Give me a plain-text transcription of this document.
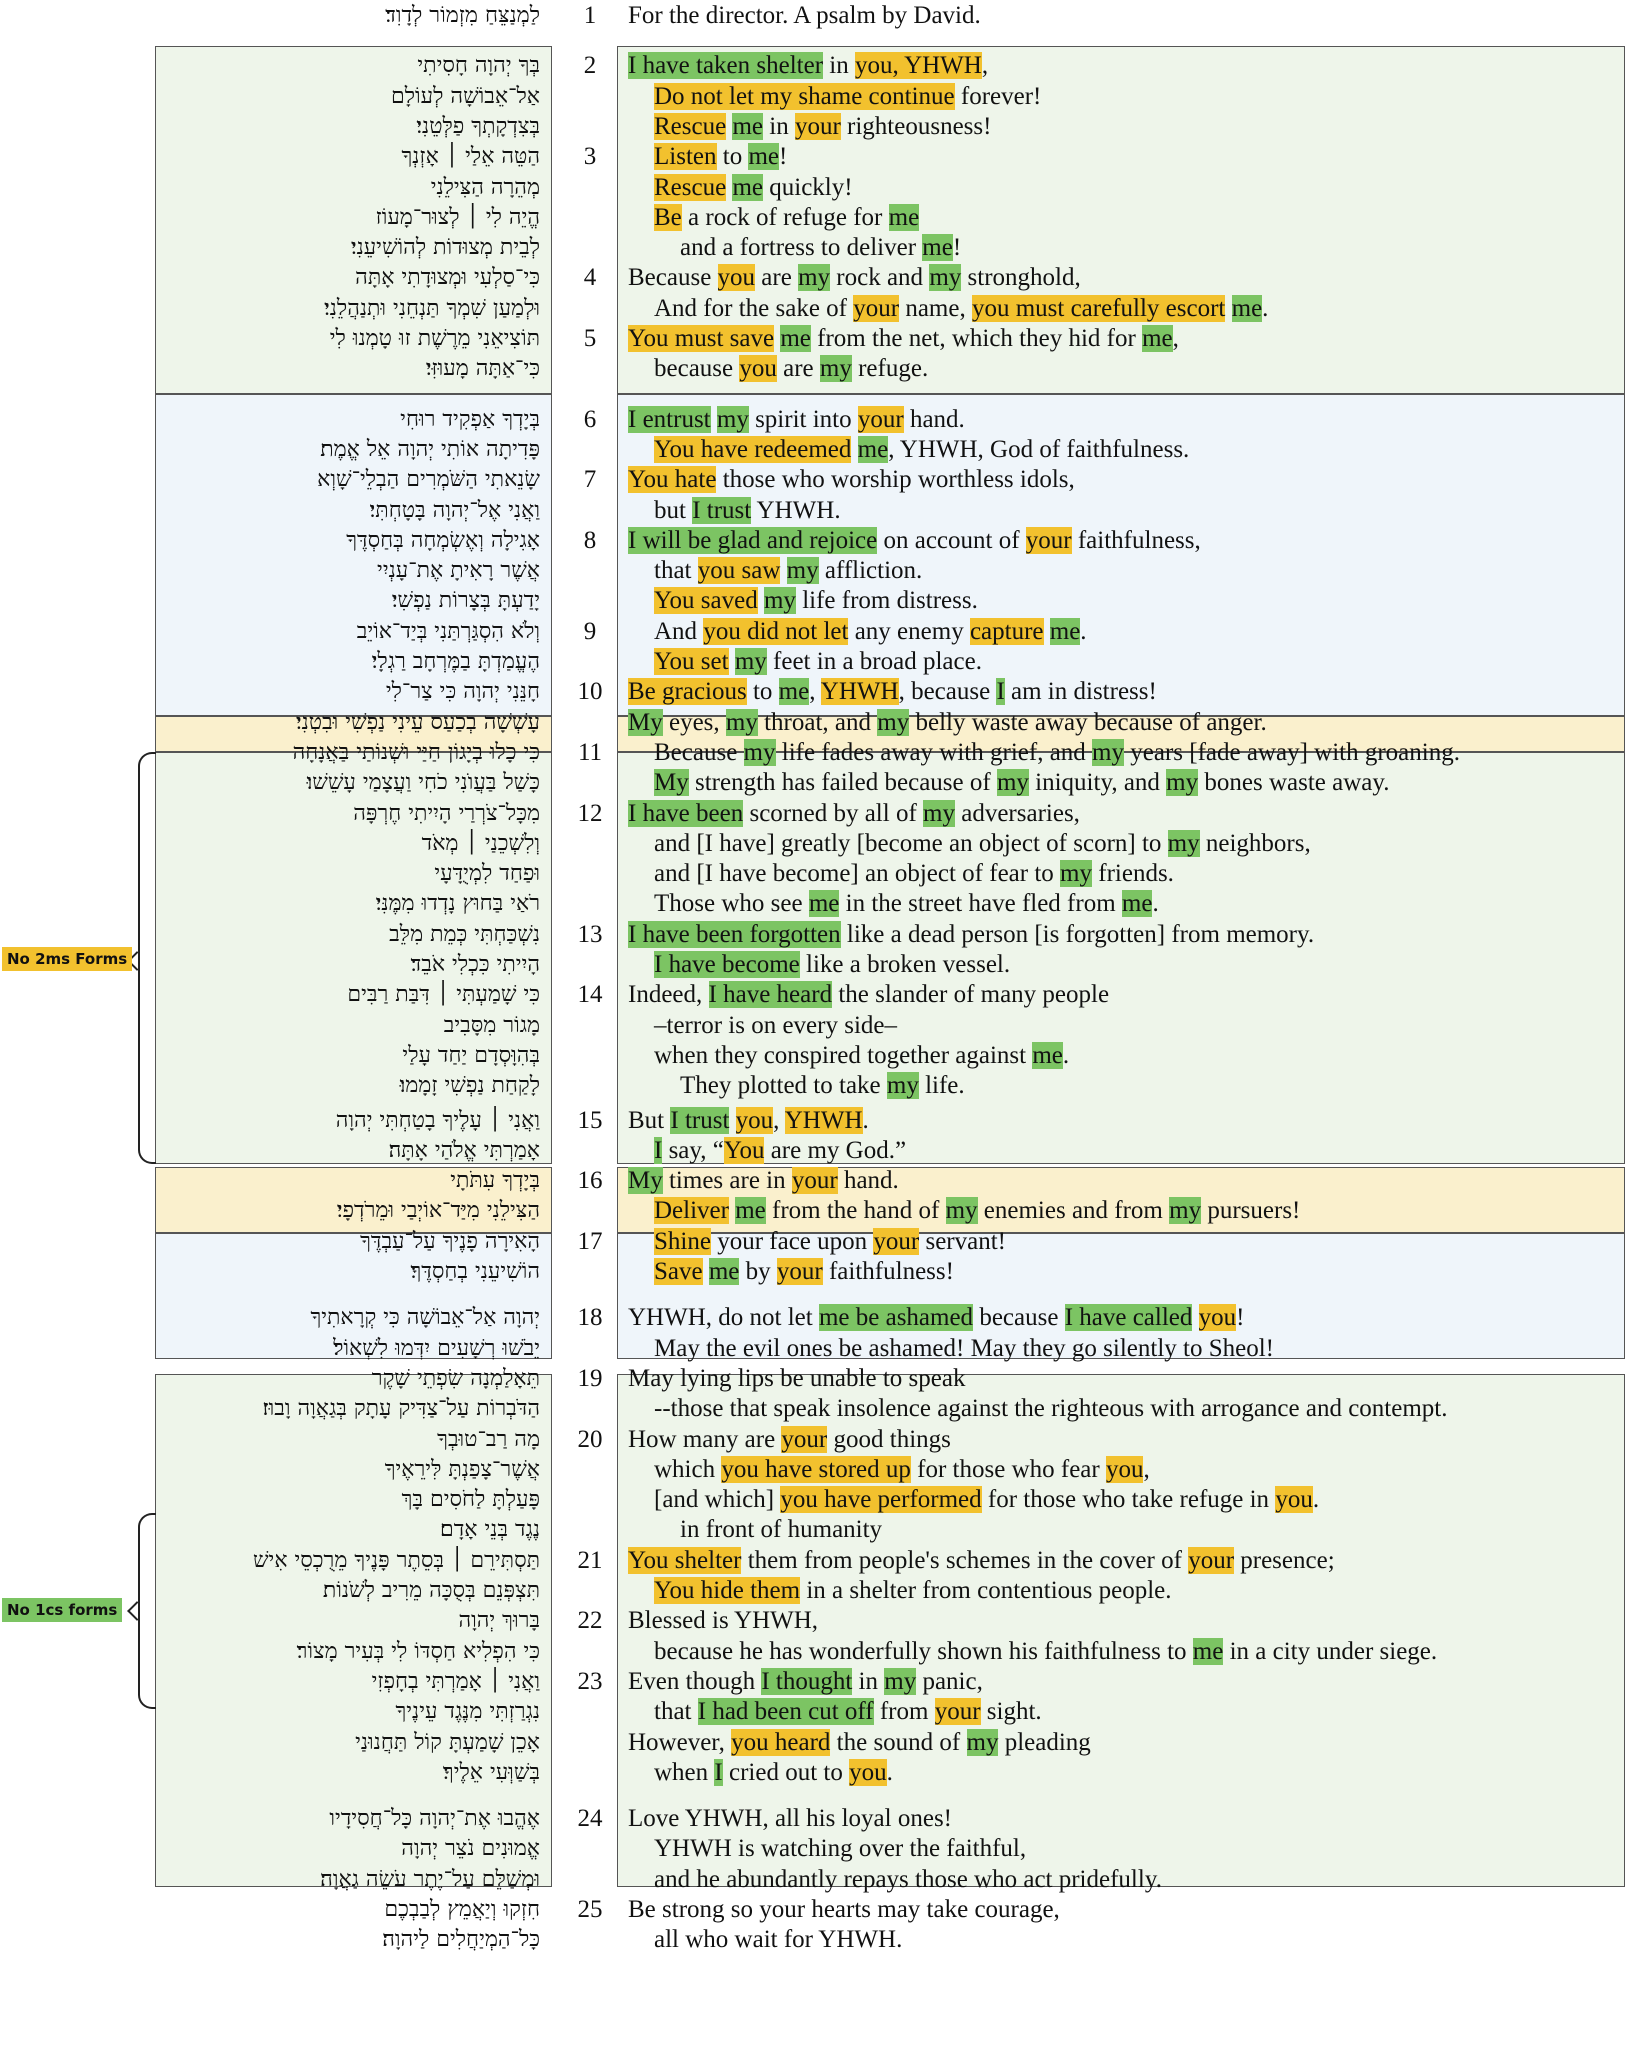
No 2ms Forms
No 1cs forms
לַמְנַצֵּחַ מִזְמוֹר לְדָוִד׃	1	For the director. A psalm by David.
בְּךָ יְהוָה חָסִיתִי	2	I have taken shelter in you, YHWH,
אַל־אֵבוֹשָׁה לְעוֹלָם	Do not let my shame continue forever!
בְּצִדְקָתְךָ פַלְּטֵנִי׃	Rescue me in your righteousness!
הַטֵּה אֵלַי ׀ אָזְנְךָ	3	Listen to me!
מְהֵרָה הַצִּילֵנִי	Rescue me quickly!
הֱיֵה לִי ׀ לְצוּר־מָעוֹז	Be a rock of refuge for me
לְבֵית מְצוּדוֹת לְהוֹשִׁיעֵנִי׃	and a fortress to deliver me!
כִּי־סַלְעִי וּמְצוּדָתִי אָתָּה	4	Because you are my rock and my stronghold,
וּלְמַעַן שִׁמְךָ תַּנְחֵנִי וּתְנַהֲלֵנִי׃	And for the sake of your name, you must carefully escort me.
תּוֹצִיאֵנִי מֵרֶשֶׁת זוּ טָמְנוּ לִי	5	You must save me from the net, which they hid for me,
כִּי־אַתָּה מָעוּזִּי׃	because you are my refuge.
בְּיָדְךָ אַפְקִיד רוּחִי	6	I entrust my spirit into your hand.
פָּדִיתָה אוֹתִי יְהוָה אֵל אֱמֶת׃	You have redeemed me, YHWH, God of faithfulness.
שָׂנֵאתִי הַשֹּׁמְרִים הַבְלֵי־שָׁוְא	7	You hate those who worship worthless idols,
וַאֲנִי אֶל־יְהוָה בָּטָחְתִּי׃	but I trust YHWH.
אָגִילָה וְאֶשְׂמְחָה בְּחַסְדֶּךָ	8	I will be glad and rejoice on account of your faithfulness,
אֲשֶׁר רָאִיתָ אֶת־עָנְיִי	that you saw my affliction.
יָדַעְתָּ בְּצָרוֹת נַפְשִׁי׃	You saved my life from distress.
וְלֹא הִסְגַּרְתַּנִי בְּיַד־אוֹיֵב	9	And you did not let any enemy capture me.
הֶעֱמַדְתָּ בַמֶּרְחָב רַגְלָי׃	You set my feet in a broad place.
חָנֵּנִי יְהוָה כִּי צַר־לִי	10	Be gracious to me, YHWH, because I am in distress!
עָשְׁשָׁה בְכַעַס עֵינִי נַפְשִׁי וּבִטְנִי׃	My eyes, my throat, and my belly waste away because of anger.
כִּי כָלוּ בְיָגוֹן חַיַּי וּשְׁנוֹתַי בַּאֲנָחָה	11	Because my life fades away with grief, and my years [fade away] with groaning.
כָּשַׁל בַּעֲוֺנִי כֹחִי וַעֲצָמַי עָשֵׁשׁוּ׃	My strength has failed because of my iniquity, and my bones waste away.
מִכָּל־צֹרְרַי הָיִיתִי חֶרְפָּה	12	I have been scorned by all of my adversaries,
וְלִשְׁכֵנַי ׀ מְאֹד	and [I have] greatly [become an object of scorn] to my neighbors,
וּפַחַד לִמְיֻדָּעָי	and [I have become] an object of fear to my friends.
רֹאַי בַּחוּץ נָדְדוּ מִמֶּנִּי׃	Those who see me in the street have fled from me.
נִשְׁכַּחְתִּי כְּמֵת מִלֵּב	13	I have been forgotten like a dead person [is forgotten] from memory.
הָיִיתִי כִּכְלִי אֹבֵד׃	I have become like a broken vessel.
כִּי שָׁמַעְתִּי ׀ דִּבַּת רַבִּים	14	Indeed, I have heard the slander of many people
מָגוֹר מִסָּבִיב	–terror is on every side–
בְּהִוָּסְדָם יַחַד עָלַי	when they conspired together against me.
לָקַחַת נַפְשִׁי זָמָמוּ׃	They plotted to take my life.
וַאֲנִי ׀ עָלֶיךָ בָטַחְתִּי יְהוָה	15	But I trust you, YHWH.
אָמַרְתִּי אֱלֹהַי אָתָּה׃	I say, “You are my God.”
בְּיָדְךָ עִתֹּתָי	16	My times are in your hand.
הַצִּילֵנִי מִיַּד־אוֹיְבַי וּמֵרֹדְפָי׃	Deliver me from the hand of my enemies and from my pursuers!
הָאִירָה פָנֶיךָ עַל־עַבְדֶּךָ	17	Shine your face upon your servant!
הוֹשִׁיעֵנִי בְחַסְדֶּךָ׃	Save me by your faithfulness!
יְהוָה אַל־אֵבוֹשָׁה כִּי קְרָאתִיךָ	18	YHWH, do not let me be ashamed because I have called you!
יֵבֹשׁוּ רְשָׁעִים יִדְּמוּ לִשְׁאוֹל׃	May the evil ones be ashamed! May they go silently to Sheol!
תֵּאָלַמְנָה שִׂפְתֵי שָׁקֶר	19	May lying lips be unable to speak
הַדֹּבְרוֹת עַל־צַדִּיק עָתָק בְּגַאֲוָה וָבוּז׃	--those that speak insolence against the righteous with arrogance and contempt.
מָה רַב־טוּבְךָ	20	How many are your good things
אֲשֶׁר־צָפַנְתָּ לִּירֵאֶיךָ	which you have stored up for those who fear you,
פָּעַלְתָּ לַחֹסִים בָּךְ	[and which] you have performed for those who take refuge in you.
נֶגֶד בְּנֵי אָדָם׃	in front of humanity
תַּסְתִּירֵם ׀ בְּסֵתֶר פָּנֶיךָ מֵרֻכְסֵי אִישׁ	21	You shelter them from people's schemes in the cover of your presence;
תִּצְפְּנֵם בְּסֻכָּה מֵרִיב לְשֹׁנוֹת׃	You hide them in a shelter from contentious people.
בָּרוּךְ יְהוָה	22	Blessed is YHWH,
כִּי הִפְלִיא חַסְדּוֹ לִי בְּעִיר מָצוֹר׃	because he has wonderfully shown his faithfulness to me in a city under siege.
וַאֲנִי ׀ אָמַרְתִּי בְחָפְזִי	23	Even though I thought in my panic,
נִגְרַזְתִּי מִנֶּגֶד עֵינֶיךָ	that I had been cut off from your sight.
אָכֵן שָׁמַעְתָּ קוֹל תַּחֲנוּנַי	However, you heard the sound of my pleading
בְּשַׁוְּעִי אֵלֶיךָ׃	when I cried out to you.
אֶהֱבוּ אֶת־יְהוָה כָּל־חֲסִידָיו	24	Love YHWH, all his loyal ones!
אֱמוּנִים נֹצֵר יְהוָה	YHWH is watching over the faithful,
וּמְשַׁלֵּם עַל־יֶתֶר עֹשֵׂה גַאֲוָה׃	and he abundantly repays those who act pridefully.
חִזְקוּ וְיַאֲמֵץ לְבַבְכֶם	25	Be strong so your hearts may take courage,
כָּל־הַמְיַחֲלִים לַיהוָה׃	all who wait for YHWH.
